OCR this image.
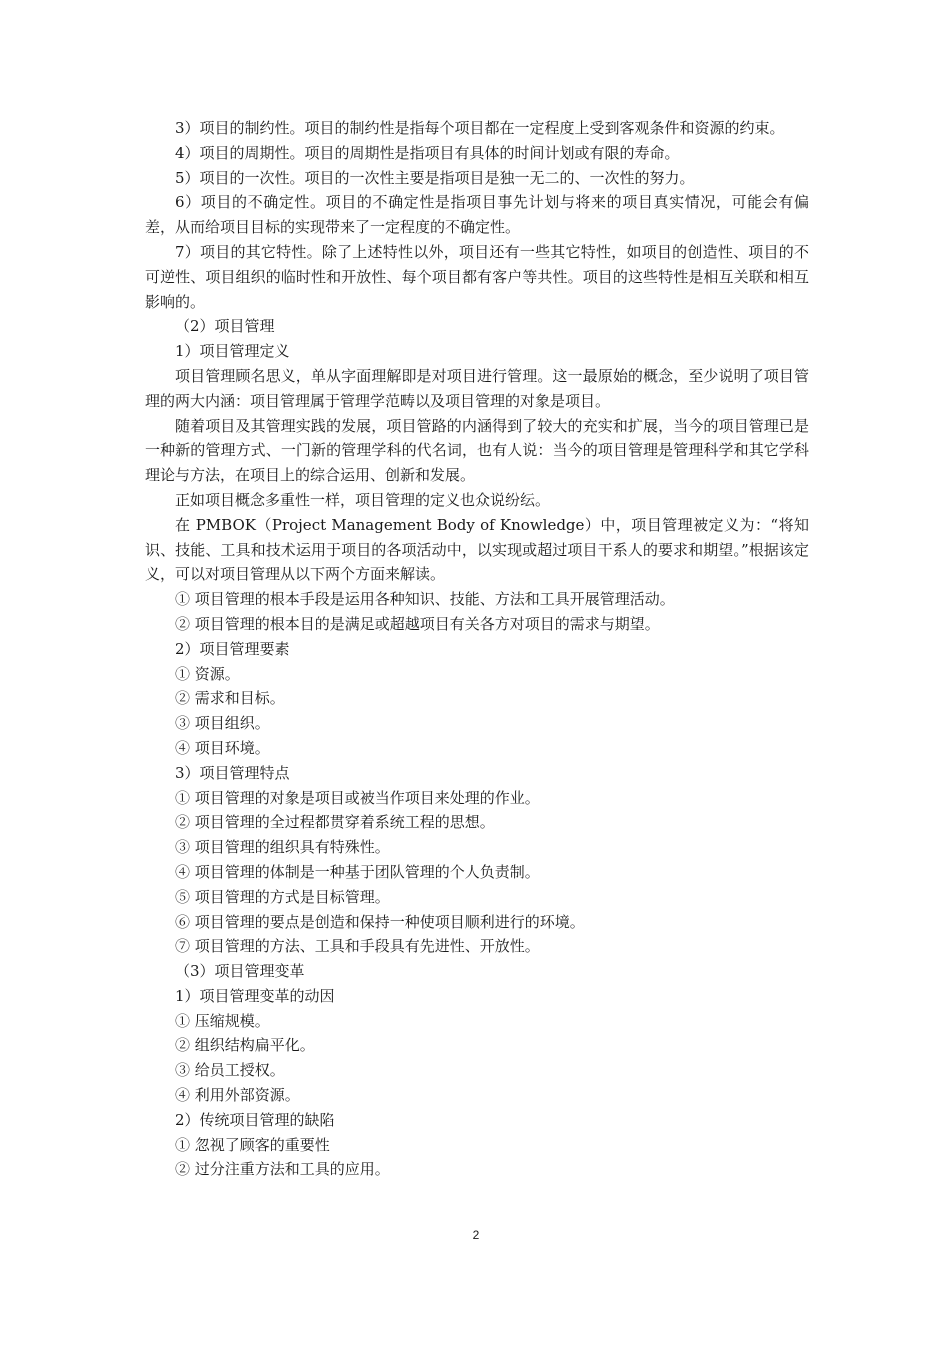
3）项目的制约性。项目的制约性是指每个项目都在一定程度上受到客观条件和资源的约束。

4）项目的周期性。项目的周期性是指项目有具体的时间计划或有限的寿命。

5）项目的一次性。项目的一次性主要是指项目是独一无二的、一次性的努力。

6）项目的不确定性。项目的不确定性是指项目事先计划与将来的项目真实情况，可能会有偏差，从而给项目目标的实现带来了一定程度的不确定性。

7）项目的其它特性。除了上述特性以外，项目还有一些其它特性，如项目的创造性、项目的不可逆性、项目组织的临时性和开放性、每个项目都有客户等共性。项目的这些特性是相互关联和相互影响的。

（2）项目管理

1）项目管理定义

项目管理顾名思义，单从字面理解即是对项目进行管理。这一最原始的概念，至少说明了项目管理的两大内涵：项目管理属于管理学范畴以及项目管理的对象是项目。

随着项目及其管理实践的发展，项目管路的内涵得到了较大的充实和扩展，当今的项目管理已是一种新的管理方式、一门新的管理学科的代名词，也有人说：当今的项目管理是管理科学和其它学科理论与方法，在项目上的综合运用、创新和发展。

正如项目概念多重性一样，项目管理的定义也众说纷纭。

在 PMBOK（Project Management Body of Knowledge）中，项目管理被定义为：“将知识、技能、工具和技术运用于项目的各项活动中，以实现或超过项目干系人的要求和期望。”根据该定义，可以对项目管理从以下两个方面来解读。

① 项目管理的根本手段是运用各种知识、技能、方法和工具开展管理活动。

② 项目管理的根本目的是满足或超越项目有关各方对项目的需求与期望。

2）项目管理要素

① 资源。

② 需求和目标。

③ 项目组织。

④ 项目环境。

3）项目管理特点

① 项目管理的对象是项目或被当作项目来处理的作业。

② 项目管理的全过程都贯穿着系统工程的思想。

③ 项目管理的组织具有特殊性。

④ 项目管理的体制是一种基于团队管理的个人负责制。

⑤ 项目管理的方式是目标管理。

⑥ 项目管理的要点是创造和保持一种使项目顺利进行的环境。

⑦ 项目管理的方法、工具和手段具有先进性、开放性。

（3）项目管理变革

1）项目管理变革的动因

① 压缩规模。

② 组织结构扁平化。

③ 给员工授权。

④ 利用外部资源。

2）传统项目管理的缺陷

① 忽视了顾客的重要性

② 过分注重方法和工具的应用。

2
